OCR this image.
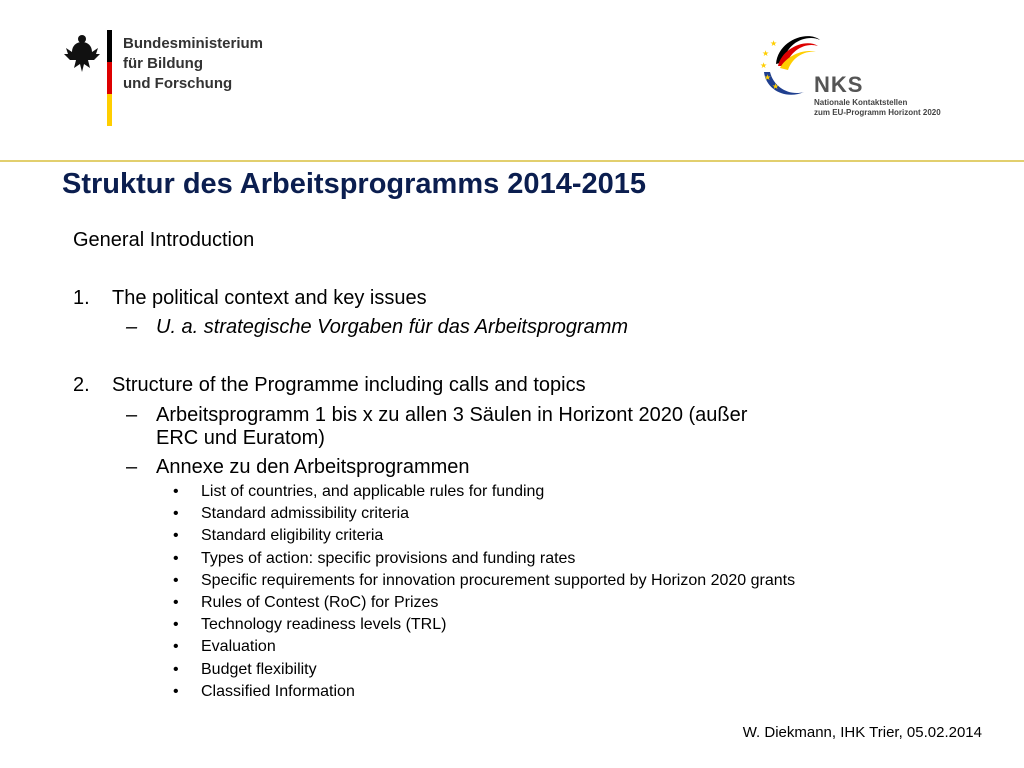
Bundesministerium
für Bildung
und Forschung
★
★
★
★
★ NKS
Nationale Kontaktstellen
zum EU-Programm Horizont 2020
Struktur des Arbeitsprogramms 2014-2015
General Introduction
1. The political context and key issues
– U. a. strategische Vorgaben für das Arbeitsprogramm
2. Structure of the Programme including calls and topics
– Arbeitsprogramm 1 bis x zu allen 3 Säulen in Horizont 2020 (außer
ERC und Euratom)
– Annexe zu den Arbeitsprogrammen
• List of countries, and applicable rules for funding
• Standard admissibility criteria
• Standard eligibility criteria
• Types of action: specific provisions and funding rates
• Specific requirements for innovation procurement supported by Horizon 2020 grants
• Rules of Contest (RoC) for Prizes
• Technology readiness levels (TRL)
• Evaluation
• Budget flexibility
• Classified Information
W. Diekmann, IHK Trier, 05.02.2014
